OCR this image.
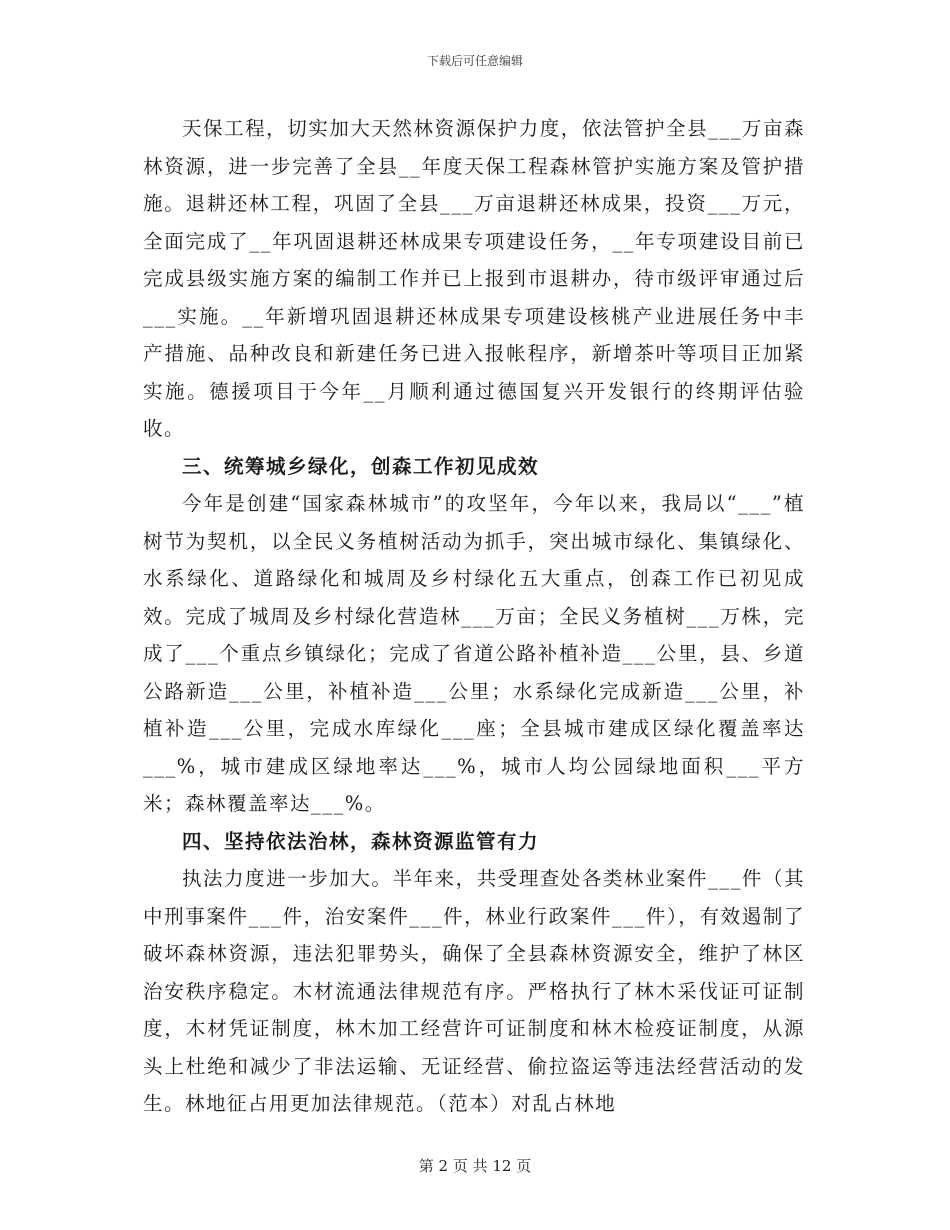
下载后可任意编辑

天保工程，切实加大天然林资源保护力度，依法管护全县___万亩森林资源，进一步完善了全县__年度天保工程森林管护实施方案及管护措施。退耕还林工程，巩固了全县___万亩退耕还林成果，投资___万元，全面完成了__年巩固退耕还林成果专项建设任务，__年专项建设目前已完成县级实施方案的编制工作并已上报到市退耕办，待市级评审通过后___实施。__年新增巩固退耕还林成果专项建设核桃产业进展任务中丰产措施、品种改良和新建任务已进入报帐程序，新增茶叶等项目正加紧实施。德援项目于今年__月顺利通过德国复兴开发银行的终期评估验收。

三、统筹城乡绿化，创森工作初见成效

今年是创建“国家森林城市”的攻坚年，今年以来，我局以“___”植树节为契机，以全民义务植树活动为抓手，突出城市绿化、集镇绿化、水系绿化、道路绿化和城周及乡村绿化五大重点，创森工作已初见成效。完成了城周及乡村绿化营造林___万亩；全民义务植树___万株，完成了___个重点乡镇绿化；完成了省道公路补植补造___公里，县、乡道公路新造___公里，补植补造___公里；水系绿化完成新造___公里，补植补造___公里，完成水库绿化___座；全县城市建成区绿化覆盖率达___%，城市建成区绿地率达___%，城市人均公园绿地面积___平方米；森林覆盖率达___%。

四、坚持依法治林，森林资源监管有力

执法力度进一步加大。半年来，共受理查处各类林业案件___件（其中刑事案件___件，治安案件___件，林业行政案件___件），有效遏制了破坏森林资源，违法犯罪势头，确保了全县森林资源安全，维护了林区治安秩序稳定。木材流通法律规范有序。严格执行了林木采伐证可证制度，木材凭证制度，林木加工经营许可证制度和林木检疫证制度，从源头上杜绝和减少了非法运输、无证经营、偷拉盗运等违法经营活动的发生。林地征占用更加法律规范。（范本）对乱占林地

第 2 页 共 12 页
